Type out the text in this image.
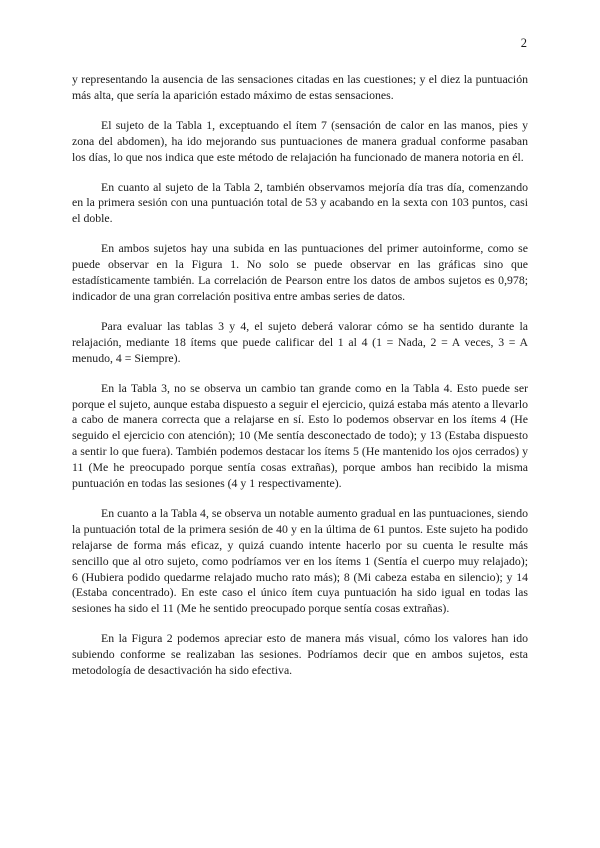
2

y representando la ausencia de las sensaciones citadas en las cuestiones; y el diez la puntuación más alta, que sería la aparición estado máximo de estas sensaciones.

El sujeto de la Tabla 1, exceptuando el ítem 7 (sensación de calor en las manos, pies y zona del abdomen), ha ido mejorando sus puntuaciones de manera gradual conforme pasaban los días, lo que nos indica que este método de relajación ha funcionado de manera notoria en él.

En cuanto al sujeto de la Tabla 2, también observamos mejoría día tras día, comenzando en la primera sesión con una puntuación total de 53 y acabando en la sexta con 103 puntos, casi el doble.

En ambos sujetos hay una subida en las puntuaciones del primer autoinforme, como se puede observar en la Figura 1. No solo se puede observar en las gráficas sino que estadísticamente también. La correlación de Pearson entre los datos de ambos sujetos es 0,978; indicador de una gran correlación positiva entre ambas series de datos.

Para evaluar las tablas 3 y 4, el sujeto deberá valorar cómo se ha sentido durante la relajación, mediante 18 ítems que puede calificar del 1 al 4 (1 = Nada, 2 = A veces, 3 = A menudo, 4 = Siempre).

En la Tabla 3, no se observa un cambio tan grande como en la Tabla 4. Esto puede ser porque el sujeto, aunque estaba dispuesto a seguir el ejercicio, quizá estaba más atento a llevarlo a cabo de manera correcta que a relajarse en sí. Esto lo podemos observar en los ítems 4 (He seguido el ejercicio con atención); 10 (Me sentía desconectado de todo); y 13 (Estaba dispuesto a sentir lo que fuera). También podemos destacar los ítems 5 (He mantenido los ojos cerrados) y 11 (Me he preocupado porque sentía cosas extrañas), porque ambos han recibido la misma puntuación en todas las sesiones (4 y 1 respectivamente).

En cuanto a la Tabla 4, se observa un notable aumento gradual en las puntuaciones, siendo la puntuación total de la primera sesión de 40 y en la última de 61 puntos. Este sujeto ha podido relajarse de forma más eficaz, y quizá cuando intente hacerlo por su cuenta le resulte más sencillo que al otro sujeto, como podríamos ver en los ítems 1 (Sentía el cuerpo muy relajado); 6 (Hubiera podido quedarme relajado mucho rato más); 8 (Mi cabeza estaba en silencio); y 14 (Estaba concentrado). En este caso el único ítem cuya puntuación ha sido igual en todas las sesiones ha sido el 11 (Me he sentido preocupado porque sentía cosas extrañas).

En la Figura 2 podemos apreciar esto de manera más visual, cómo los valores han ido subiendo conforme se realizaban las sesiones. Podríamos decir que en ambos sujetos, esta metodología de desactivación ha sido efectiva.
